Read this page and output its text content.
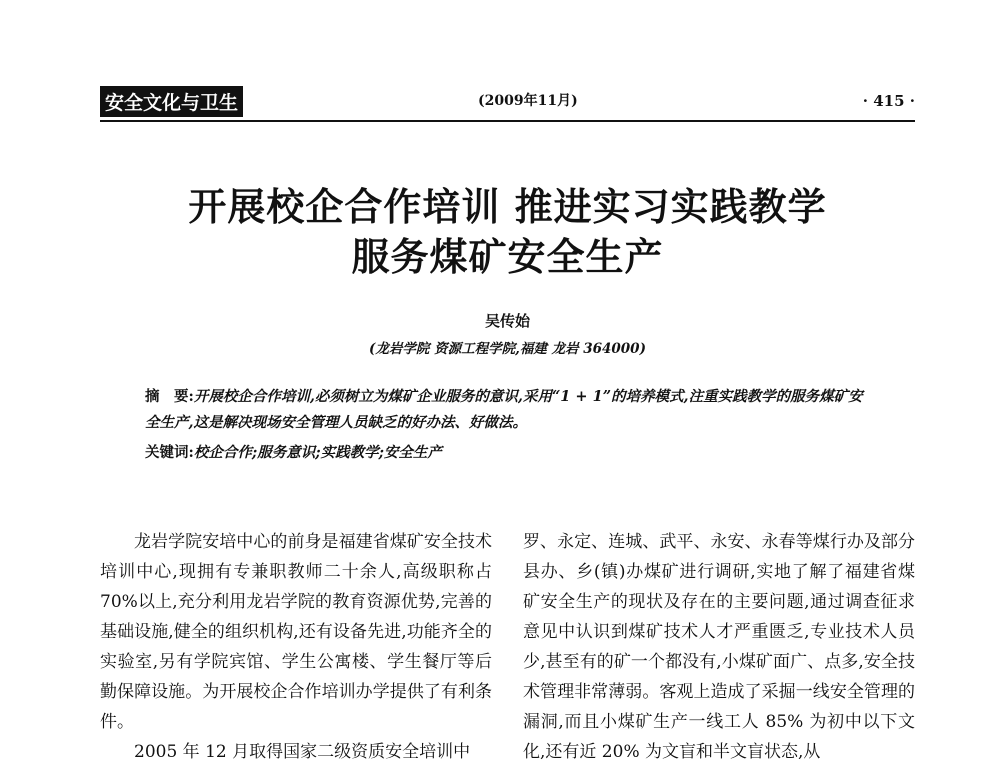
安全文化与卫生	(2009年11月)	· 415 ·
开展校企合作培训 推进实习实践教学
服务煤矿安全生产
吴传始
(龙岩学院 资源工程学院,福建 龙岩 364000)
摘　要:开展校企合作培训,必须树立为煤矿企业服务的意识,采用“1 + 1”的培养模式,注重实践教学的服务煤矿安全生产,这是解决现场安全管理人员缺乏的好办法、好做法。
关键词:校企合作;服务意识;实践教学;安全生产

龙岩学院安培中心的前身是福建省煤矿安全技术培训中心,现拥有专兼职教师二十余人,高级职称占70%以上,充分利用龙岩学院的教育资源优势,完善的基础设施,健全的组织机构,还有设备先进,功能齐全的实验室,另有学院宾馆、学生公寓楼、学生餐厅等后勤保障设施。为开展校企合作培训办学提供了有利条件。

2005 年 12 月取得国家二级资质安全培训中

罗、永定、连城、武平、永安、永春等煤行办及部分县办、乡(镇)办煤矿进行调研,实地了解了福建省煤矿安全生产的现状及存在的主要问题,通过调查征求意见中认识到煤矿技术人才严重匮乏,专业技术人员少,甚至有的矿一个都没有,小煤矿面广、点多,安全技术管理非常薄弱。客观上造成了采掘一线安全管理的漏洞,而且小煤矿生产一线工人 85% 为初中以下文化,还有近 20% 为文盲和半文盲状态,从
